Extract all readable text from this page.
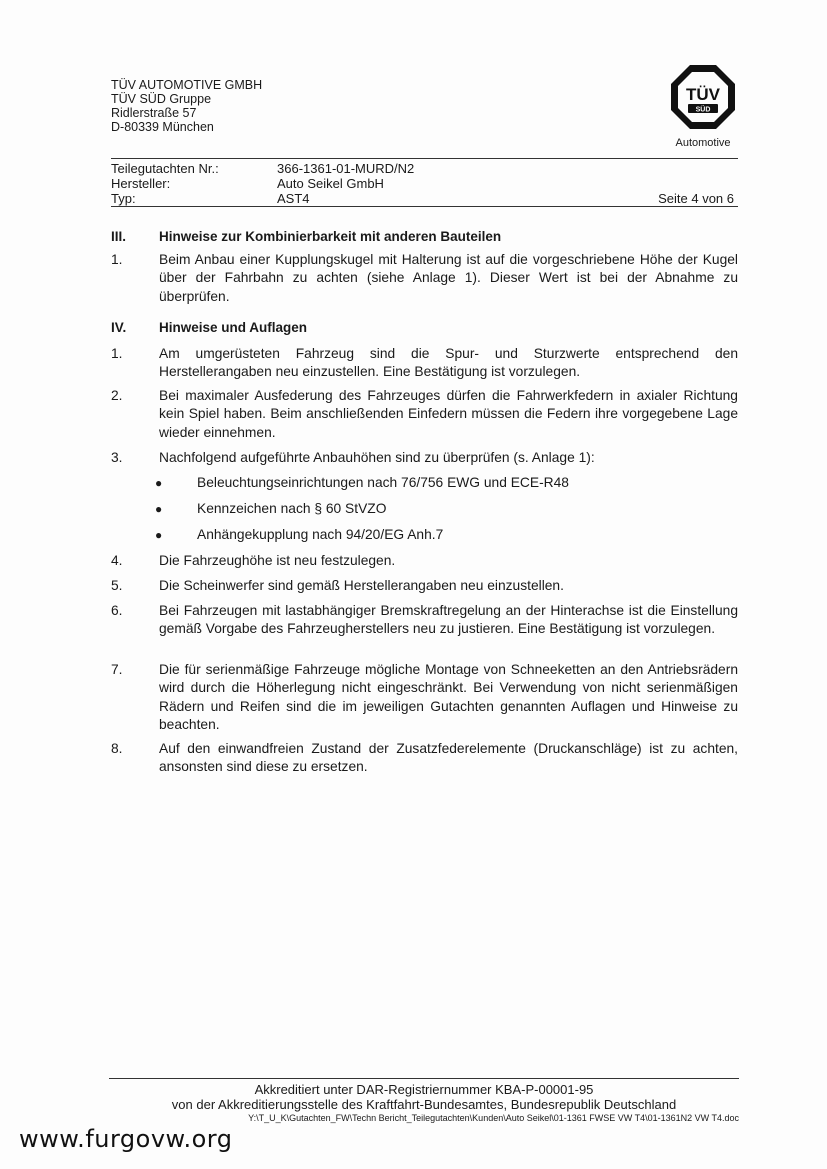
TÜV AUTOMOTIVE GMBH
TÜV SÜD Gruppe
Ridlerstraße 57
D-80339 München
TÜV
SÜD
Automotive
Teilegutachten Nr.:	366-1361-01-MURD/N2
Hersteller:	Auto Seikel GmbH
Typ:	AST4	Seite 4 von 6
III. Hinweise zur Kombinierbarkeit mit anderen Bauteilen
1.	Beim Anbau einer Kupplungskugel mit Halterung ist auf die vorgeschriebene Höhe der Kugel über der Fahrbahn zu achten (siehe Anlage 1). Dieser Wert ist bei der Abnahme zu überprüfen.
IV. Hinweise und Auflagen
1.	Am umgerüsteten Fahrzeug sind die Spur- und Sturzwerte entsprechend den Herstellerangaben neu einzustellen. Eine Bestätigung ist vorzulegen.
2.	Bei maximaler Ausfederung des Fahrzeuges dürfen die Fahrwerkfedern in axialer Richtung kein Spiel haben. Beim anschließenden Einfedern müssen die Federn ihre vorgegebene Lage wieder einnehmen.
3.	Nachfolgend aufgeführte Anbauhöhen sind zu überprüfen (s. Anlage 1):
●	Beleuchtungseinrichtungen nach 76/756 EWG und ECE-R48
●	Kennzeichen nach § 60 StVZO
●	Anhängekupplung nach 94/20/EG Anh.7
4.	Die Fahrzeughöhe ist neu festzulegen.
5.	Die Scheinwerfer sind gemäß Herstellerangaben neu einzustellen.
6.	Bei Fahrzeugen mit lastabhängiger Bremskraftregelung an der Hinterachse ist die Einstellung gemäß Vorgabe des Fahrzeugherstellers neu zu justieren. Eine Bestätigung ist vorzulegen.
7.	Die für serienmäßige Fahrzeuge mögliche Montage von Schneeketten an den Antriebsrädern wird durch die Höherlegung nicht eingeschränkt. Bei Verwendung von nicht serienmäßigen Rädern und Reifen sind die im jeweiligen Gutachten genannten Auflagen und Hinweise zu beachten.
8.	Auf den einwandfreien Zustand der Zusatzfederelemente (Druckanschläge) ist zu achten, ansonsten sind diese zu ersetzen.
Akkreditiert unter DAR-Registriernummer KBA-P-00001-95
von der Akkreditierungsstelle des Kraftfahrt-Bundesamtes, Bundesrepublik Deutschland
Y:\T_U_K\Gutachten_FW\Techn Bericht_Teilegutachten\Kunden\Auto Seikel\01-1361 FWSE VW T4\01-1361N2 VW T4.doc
www.furgovw.org
